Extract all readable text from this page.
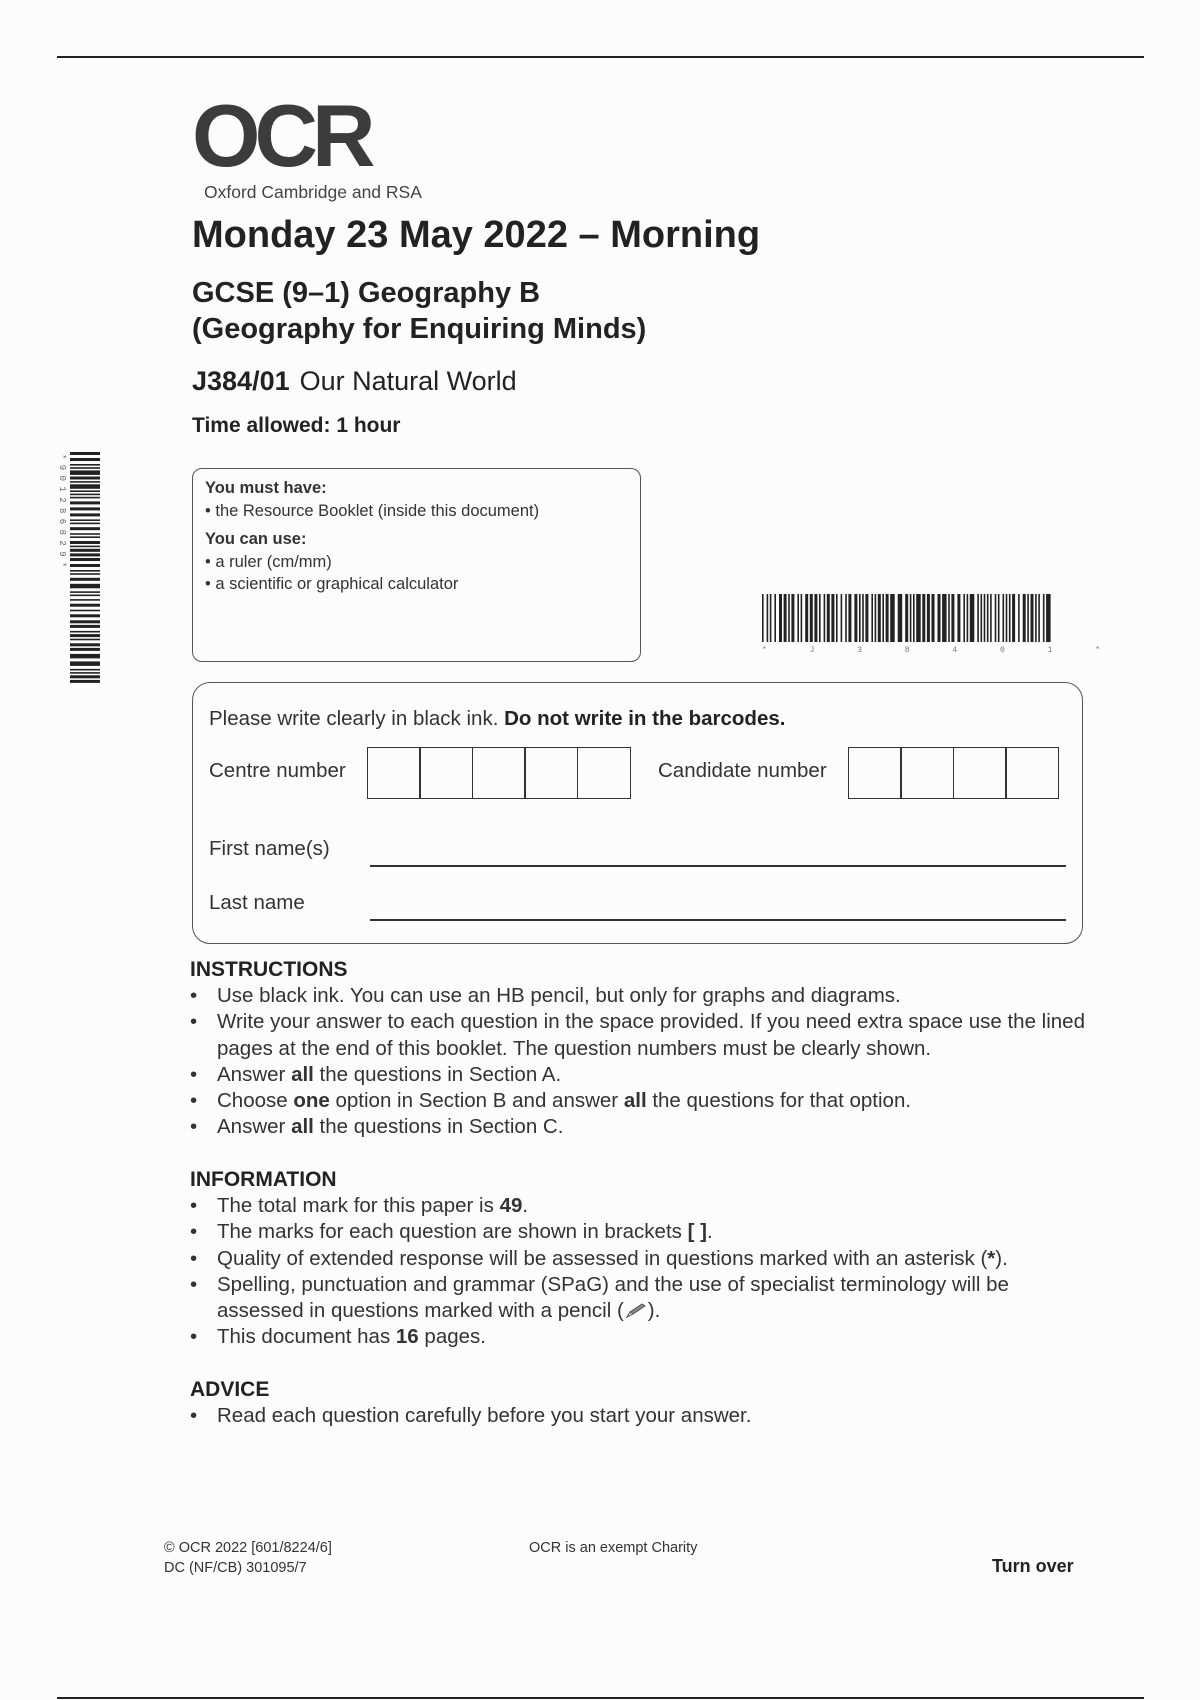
OCR
Oxford Cambridge and RSA
Monday 23 May 2022 – Morning
GCSE (9–1) Geography B
(Geography for Enquiring Minds)
J384/01 Our Natural World
Time allowed: 1 hour
You must have:
• the Resource Booklet (inside this document)
You can use:
• a ruler (cm/mm)
• a scientific or graphical calculator
* 9 0 1 2 8 6 8 2 9 *
* J 3 8 4 0 1 *
Please write clearly in black ink. Do not write in the barcodes.
Centre number	Candidate number
First name(s)
Last name
INSTRUCTIONS
• Use black ink. You can use an HB pencil, but only for graphs and diagrams.
• Write your answer to each question in the space provided. If you need extra space use the lined pages at the end of this booklet. The question numbers must be clearly shown.
• Answer all the questions in Section A.
• Choose one option in Section B and answer all the questions for that option.
• Answer all the questions in Section C.
INFORMATION
• The total mark for this paper is 49.
• The marks for each question are shown in brackets [ ].
• Quality of extended response will be assessed in questions marked with an asterisk (*).
• Spelling, punctuation and grammar (SPaG) and the use of specialist terminology will be assessed in questions marked with a pencil ( ).
• This document has 16 pages.
ADVICE
• Read each question carefully before you start your answer.
© OCR 2022 [601/8224/6]
DC (NF/CB) 301095/7
OCR is an exempt Charity
Turn over
